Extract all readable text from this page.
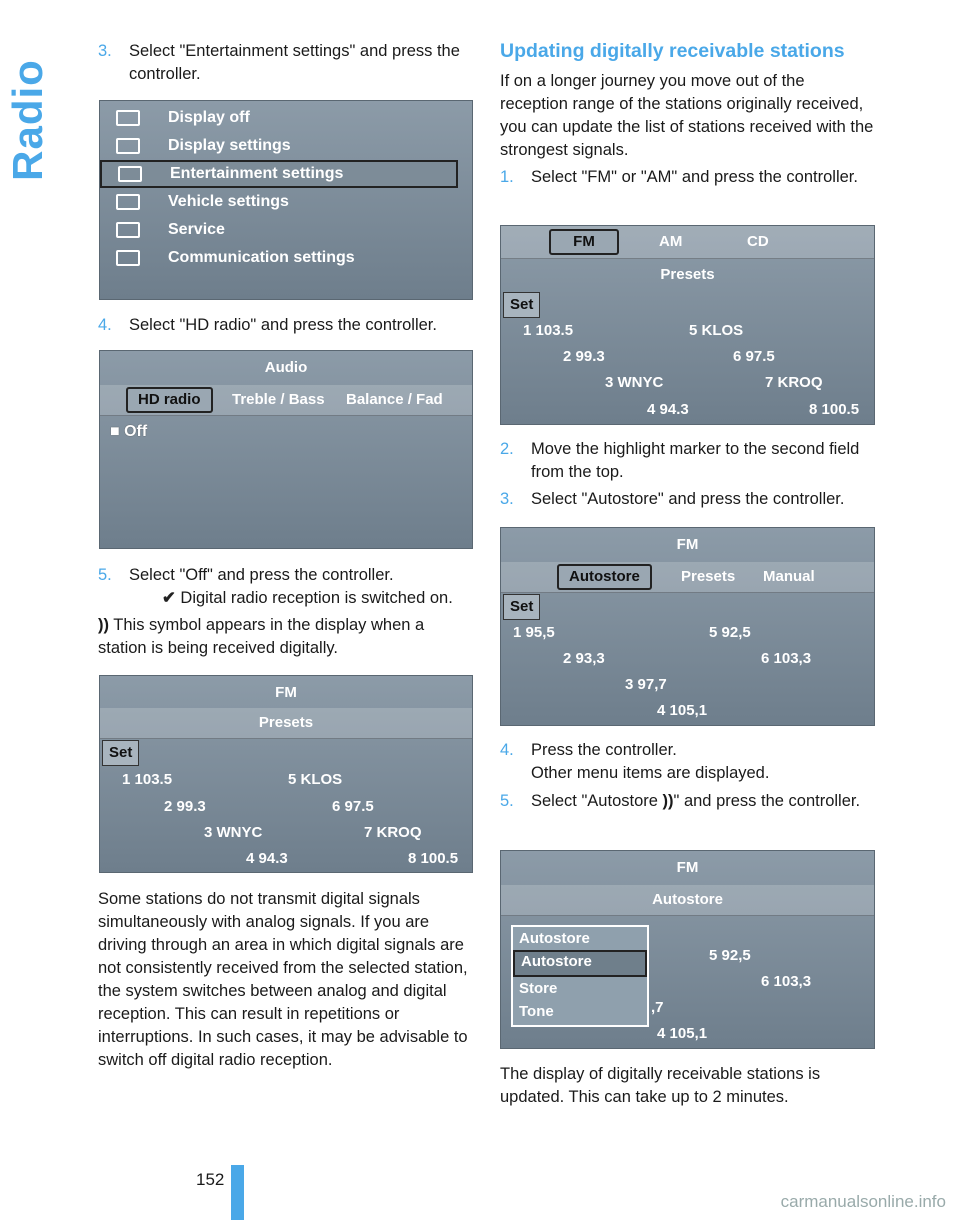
Radio
3. Select "Entertainment settings" and press the controller.
Display off
Display settings
Entertainment settings
Vehicle settings
Service
Communication settings
4. Select "HD radio" and press the controller.
Audio
HD radio	Treble / Bass	Balance / Fad
■ Off
5. Select "Off" and press the controller.
✔ Digital radio reception is switched on.
)) This symbol appears in the display when a station is being received digitally.
FM
Presets
Set
1 103.5	5 KLOS
2 99.3	6 97.5
3 WNYC	7 KROQ
4 94.3	8 100.5
Some stations do not transmit digital signals simultaneously with analog signals. If you are driving through an area in which digital signals are not consistently received from the selected station, the system switches between analog and digital reception. This can result in repetitions or interruptions. In such cases, it may be advisable to switch off digital radio reception.
Updating digitally receivable stations
If on a longer journey you move out of the reception range of the stations originally received, you can update the list of stations received with the strongest signals.
1. Select "FM" or "AM" and press the controller.
FM	AM	CD
Presets
Set
1 103.5	5 KLOS
2 99.3	6 97.5
3 WNYC	7 KROQ
4 94.3	8 100.5
2. Move the highlight marker to the second field from the top.
3. Select "Autostore" and press the controller.
FM
Autostore	Presets	Manual
Set
1 95,5	5 92,5
2 93,3	6 103,3
3 97,7
4 105,1
4. Press the controller.
Other menu items are displayed.
5. Select "Autostore ))" and press the controller.
FM
Autostore
5 92,5
6 103,3
,7
4 105,1
Autostore
Autostore
Store
Tone
The display of digitally receivable stations is updated. This can take up to 2 minutes.
152
carmanualsonline.info
